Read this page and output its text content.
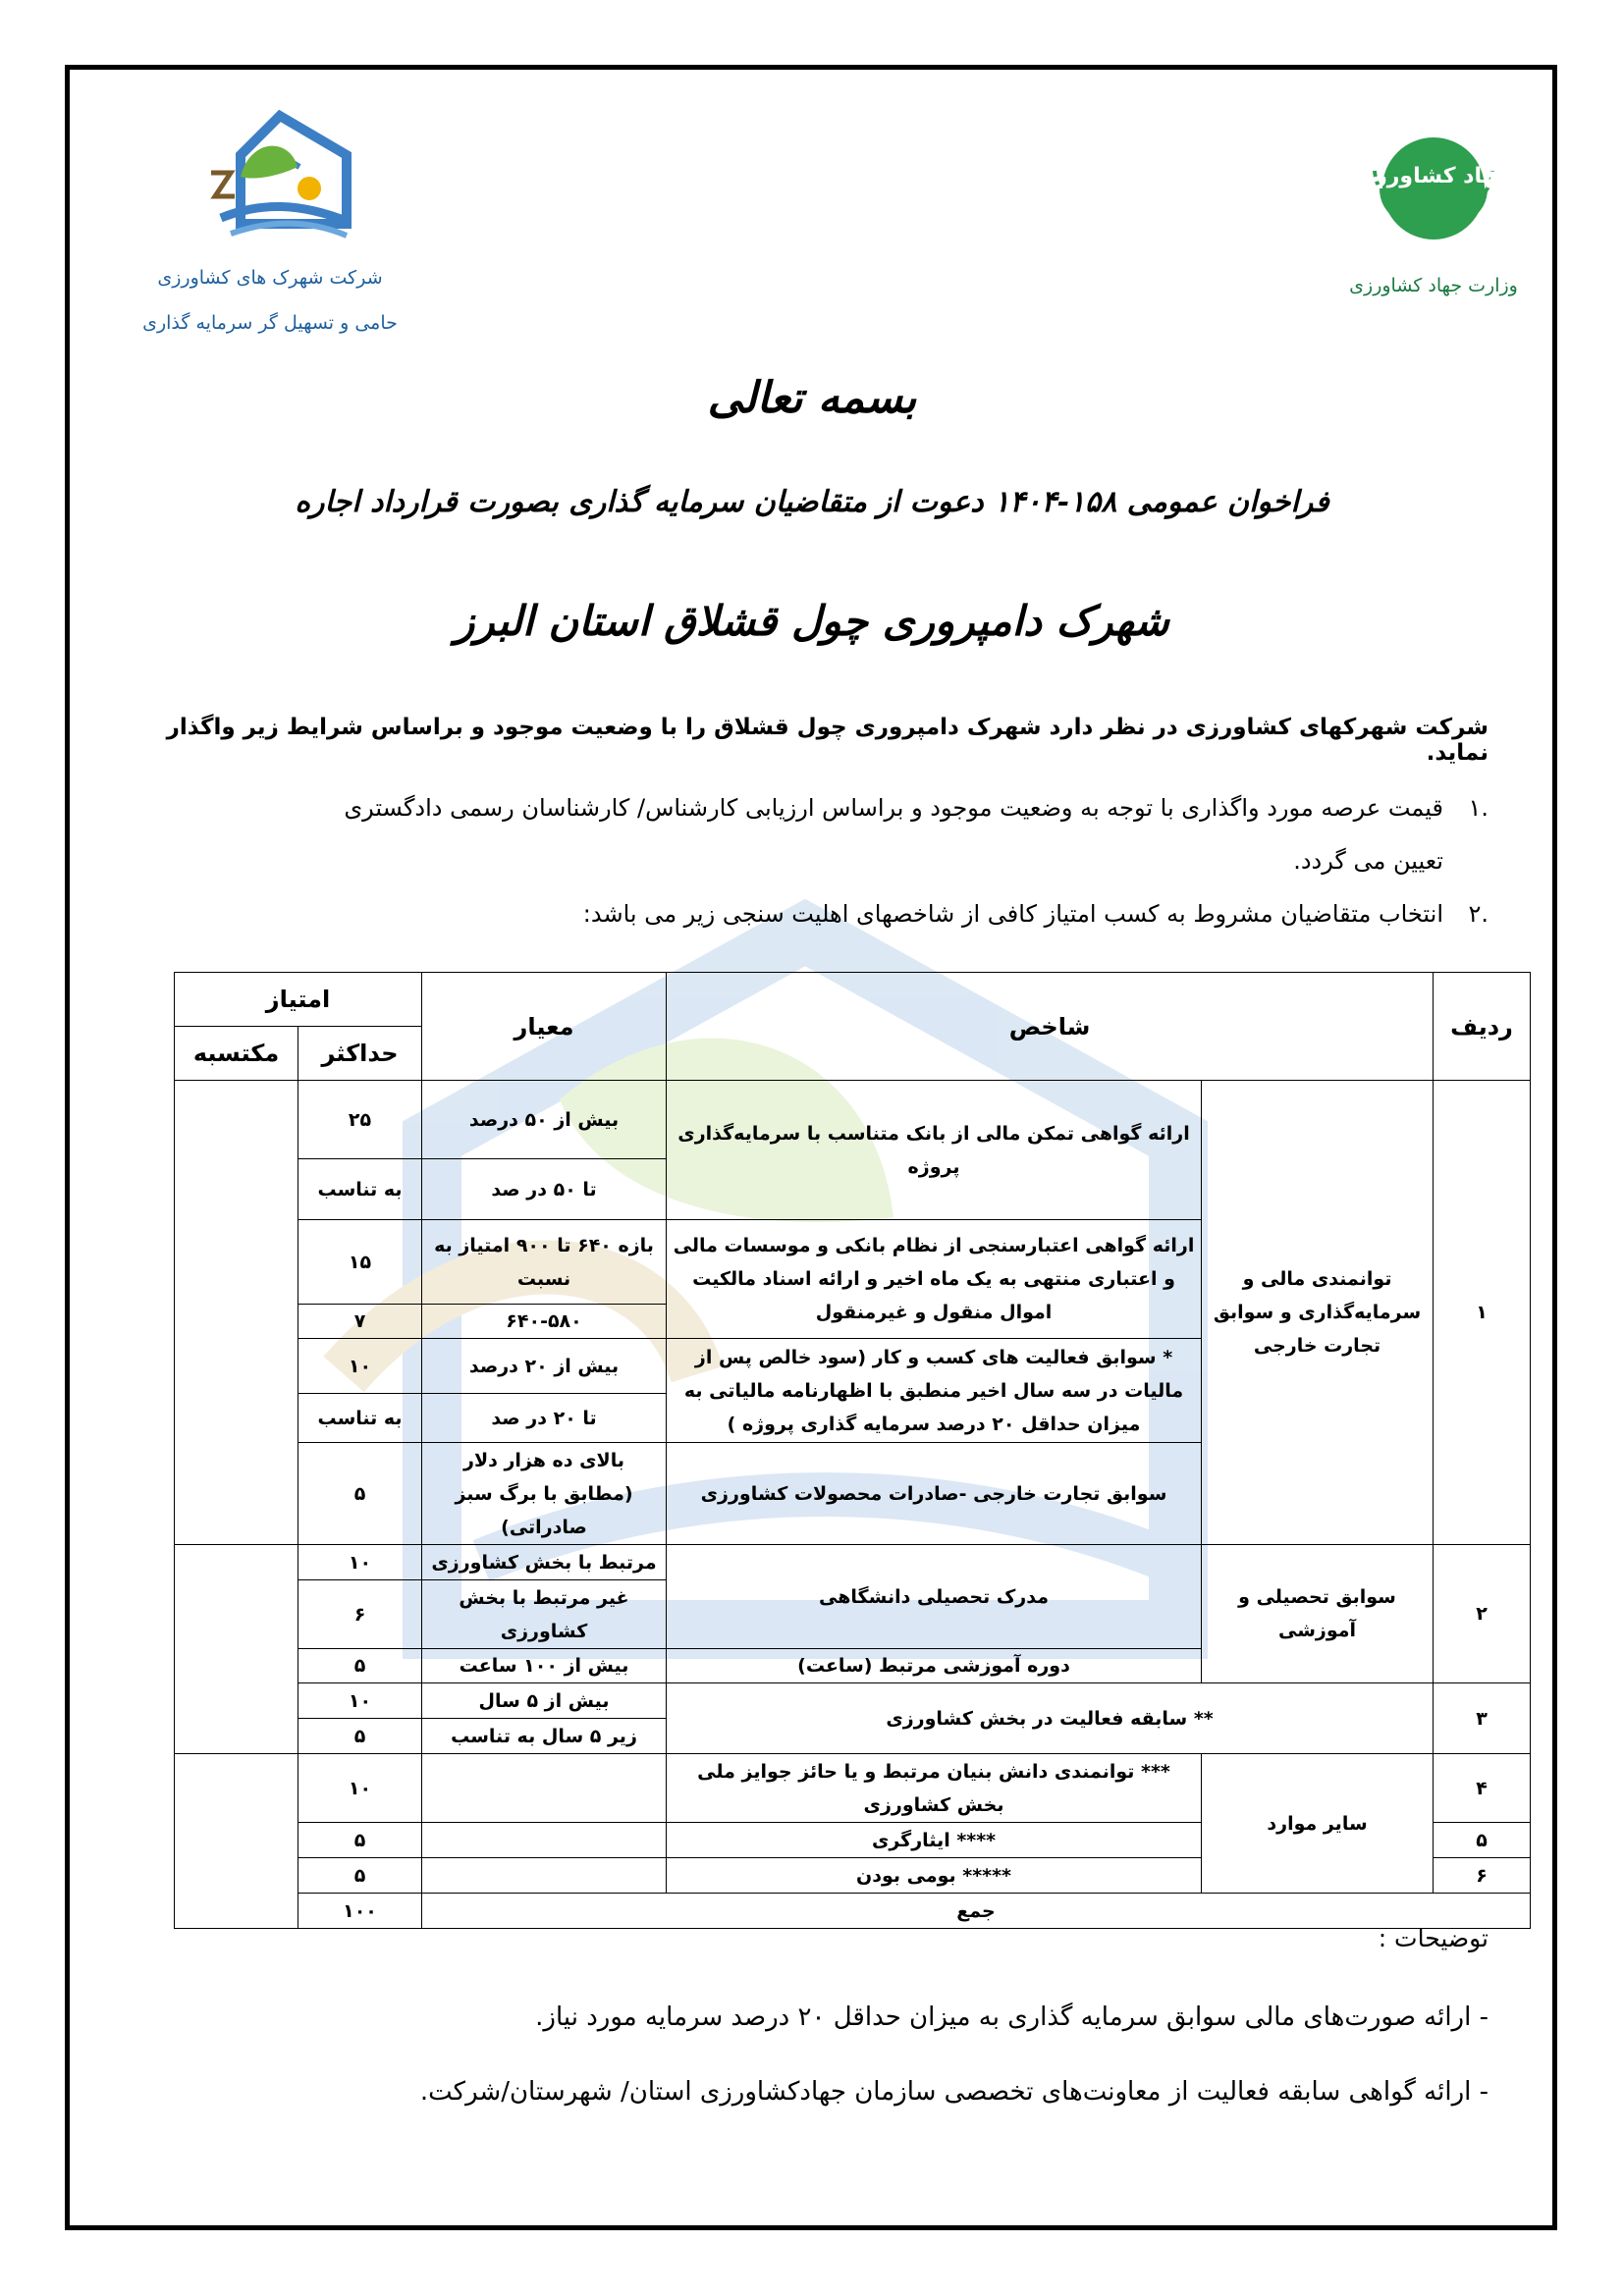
جهاد کشاورزی
وزارت جهاد کشاورزی
شرکت شهرک های کشاورزی
حامی و تسهیل گر سرمایه گذاری
بسمه تعالی
فراخوان عمومی ۱۵۸-۱۴۰۴ دعوت از متقاضیان سرمایه گذاری بصورت قرارداد اجاره
شهرک دامپروری چول قشلاق استان البرز
شرکت شهرکهای کشاورزی در نظر دارد شهرک دامپروری چول قشلاق را با وضعیت موجود و براساس شرایط زیر واگذار نماید.
.۱قیمت عرصه مورد واگذاری با توجه به وضعیت موجود و براساس ارزیابی کارشناس/ کارشناسان رسمی دادگستری
تعیین می گردد.
.۲انتخاب متقاضیان مشروط به کسب امتیاز کافی از شاخصهای اهلیت سنجی زیر می باشد:
ردیف	شاخص		معیار	امتیاز	
				حداکثر	مکتسبه
۱	توانمندی مالی و سرمایه‌گذاری و سوابق تجارت خارجی	ارائه گواهی تمکن مالی از بانک متناسب با سرمایه‌گذاری پروژه	بیش از ۵۰ درصد	۲۵	
			تا ۵۰ در صد	به تناسب	
		ارائه گواهی اعتبارسنجی از نظام بانکی و موسسات مالی و اعتباری منتهی به یک ماه اخیر و ارائه اسناد مالکیت اموال منقول و غیرمنقول	بازه ۶۴۰ تا ۹۰۰ امتیاز به نسبت	۱۵	
			۶۴۰-۵۸۰	۷	
		* سوابق فعالیت های کسب و کار (سود خالص پس از مالیات در سه سال اخیر منطبق با اظهارنامه مالیاتی به میزان حداقل ۲۰ درصد سرمایه گذاری پروژه )	بیش از ۲۰ درصد	۱۰	
			تا ۲۰ در صد	به تناسب	
		سوابق تجارت خارجی -صادرات محصولات کشاورزی	بالای ده هزار دلار (مطابق با برگ سبز صادراتی)	۵	
۲	سوابق تحصیلی و آموزشی	مدرک تحصیلی دانشگاهی	مرتبط با بخش کشاورزی	۱۰	
			غیر مرتبط با بخش کشاورزی	۶	
		دوره آموزشی مرتبط (ساعت)	بیش از ۱۰۰ ساعت	۵	
۳	** سابقه فعالیت در بخش کشاورزی		بیش از ۵ سال	۱۰	
			زیر ۵ سال به تناسب	۵	
۴	سایر موارد	*** توانمندی دانش بنیان مرتبط و یا حائز جوایز ملی بخش کشاورزی		۱۰	
۵		**** ایثارگری		۵	
۶		***** بومی بودن		۵	
جمع				۱۰۰	
توضیحات :
- ارائه صورت‌های مالی سوابق سرمایه گذاری به میزان حداقل ۲۰ درصد سرمایه مورد نیاز.
- ارائه گواهی سابقه فعالیت از معاونت‌های تخصصی سازمان جهادکشاورزی استان/ شهرستان/شرکت.
